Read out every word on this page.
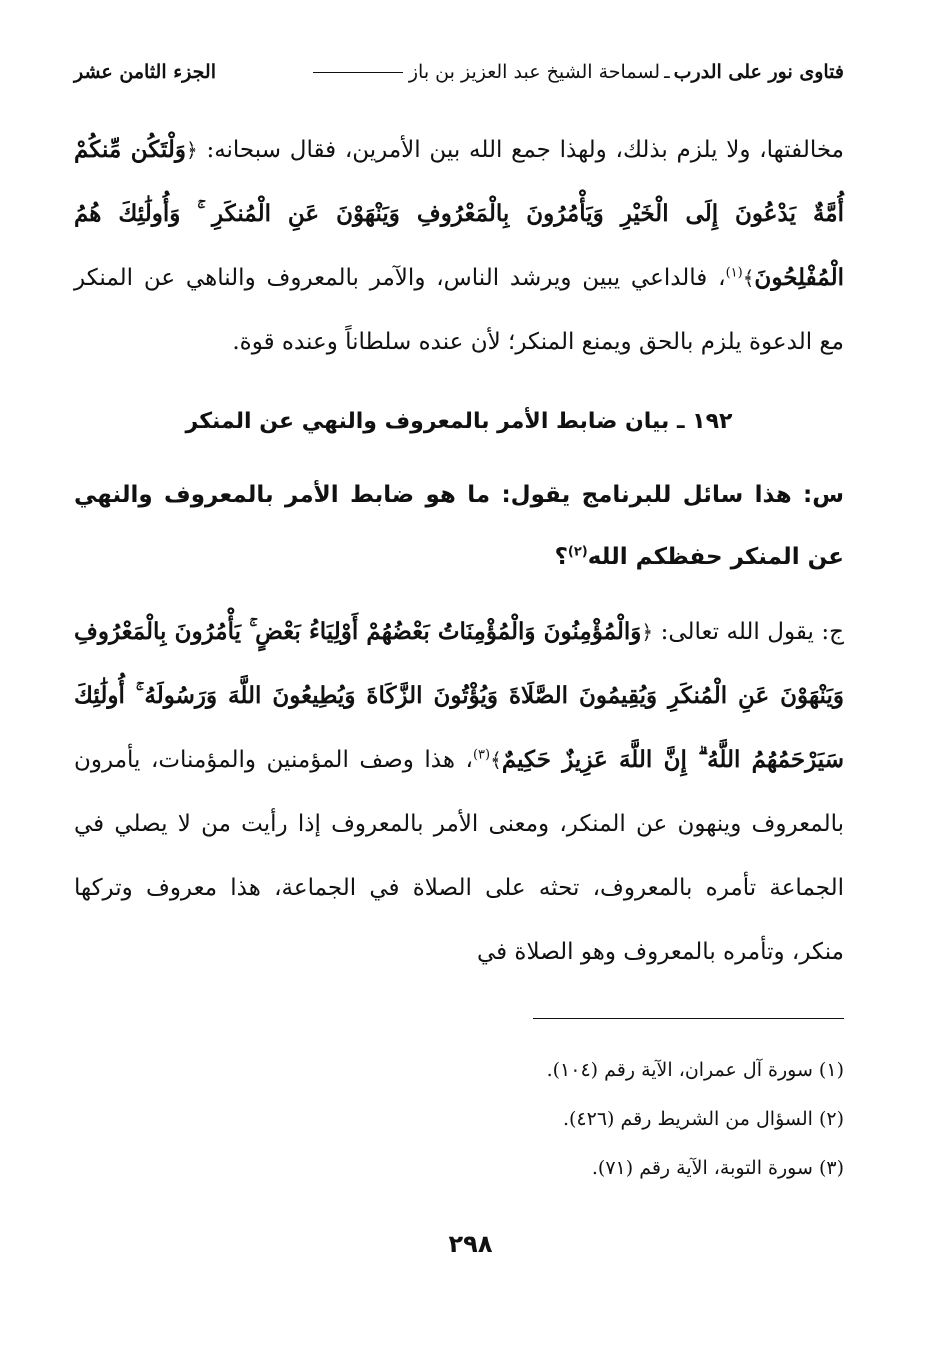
فتاوى نور على الدرب
ـ
لسماحة الشيخ عبد العزيز بن باز
الجزء الثامن عشر
مخالفتها، ولا يلزم بذلك، ولهذا جمع الله بين الأمرين، فقال سبحانه: ﴿وَلْتَكُن مِّنكُمْ أُمَّةٌ يَدْعُونَ إِلَى الْخَيْرِ وَيَأْمُرُونَ بِالْمَعْرُوفِ وَيَنْهَوْنَ عَنِ الْمُنكَرِ ۚ وَأُولَٰئِكَ هُمُ الْمُفْلِحُونَ﴾$^{(١)}$، فالداعي يبين ويرشد الناس، والآمر بالمعروف والناهي عن المنكر مع الدعوة يلزم بالحق ويمنع المنكر؛ لأن عنده سلطاناً وعنده قوة.
١٩٢ ـ بيان ضابط الأمر بالمعروف والنهي عن المنكر
س: هذا سائل للبرنامج يقول: ما هو ضابط الأمر بالمعروف والنهي عن المنكر حفظكم الله$^{(٢)}$؟
ج: يقول الله تعالى: ﴿وَالْمُؤْمِنُونَ وَالْمُؤْمِنَاتُ بَعْضُهُمْ أَوْلِيَاءُ بَعْضٍ ۚ يَأْمُرُونَ بِالْمَعْرُوفِ وَيَنْهَوْنَ عَنِ الْمُنكَرِ وَيُقِيمُونَ الصَّلَاةَ وَيُؤْتُونَ الزَّكَاةَ وَيُطِيعُونَ اللَّهَ وَرَسُولَهُ ۚ أُولَٰئِكَ سَيَرْحَمُهُمُ اللَّهُ ۗ إِنَّ اللَّهَ عَزِيزٌ حَكِيمٌ﴾$^{(٣)}$، هذا وصف المؤمنين والمؤمنات، يأمرون بالمعروف وينهون عن المنكر، ومعنى الأمر بالمعروف إذا رأيت من لا يصلي في الجماعة تأمره بالمعروف، تحثه على الصلاة في الجماعة، هذا معروف وتركها منكر، وتأمره بالمعروف وهو الصلاة في
(١) سورة آل عمران، الآية رقم (١٠٤).
(٢) السؤال من الشريط رقم (٤٢٦).
(٣) سورة التوبة، الآية رقم (٧١).
٢٩٨
